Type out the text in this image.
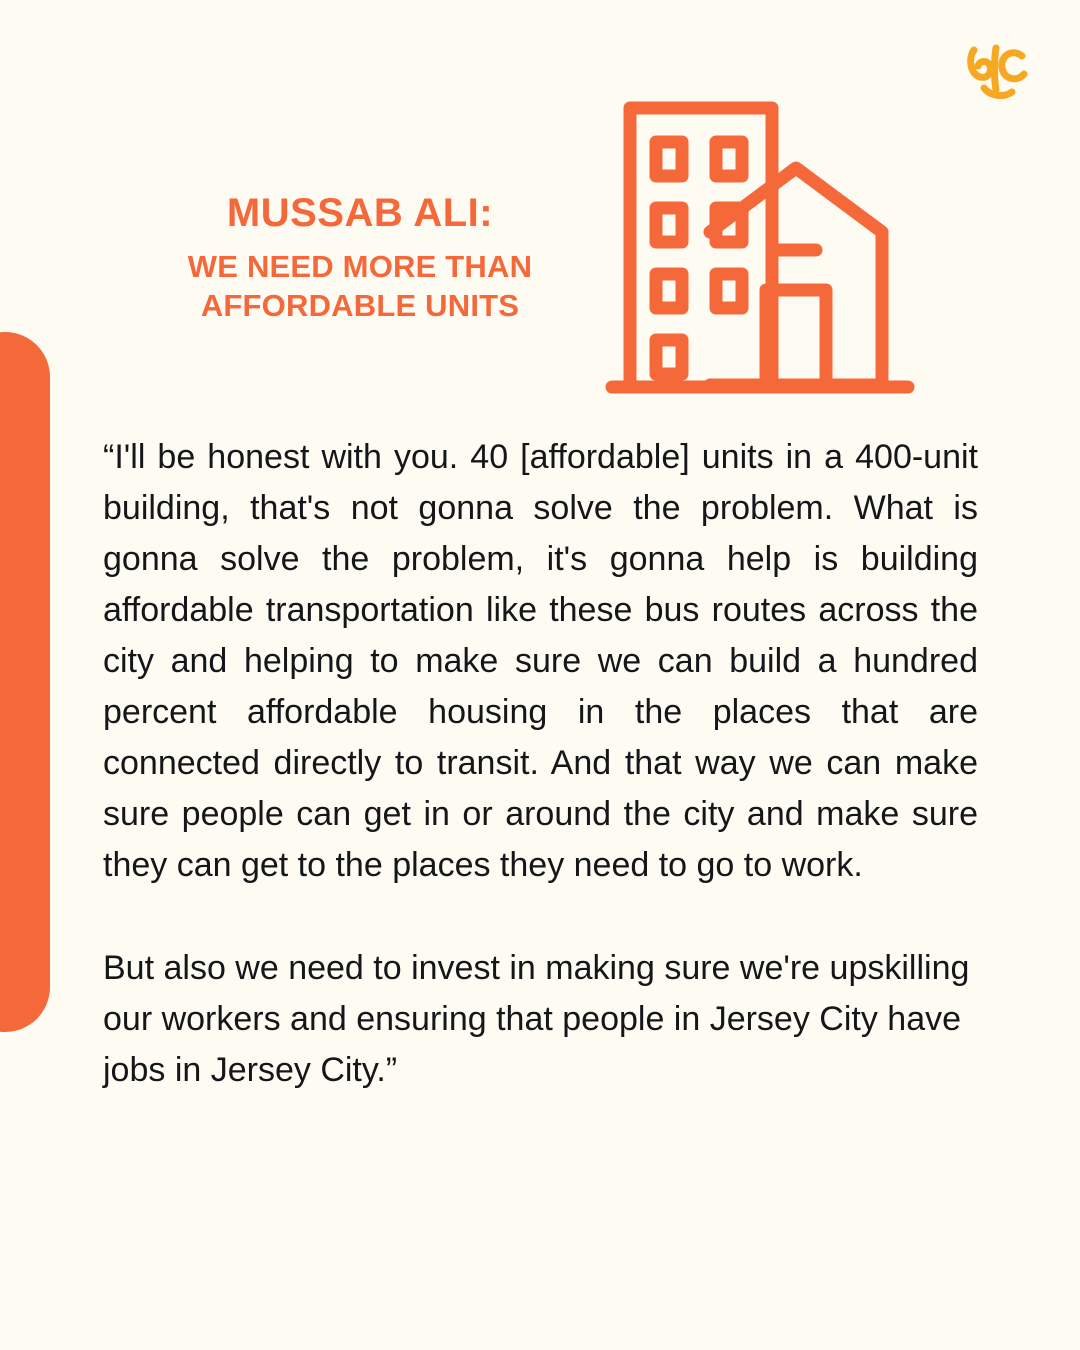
MUSSAB ALI:
WE NEED MORE THAN AFFORDABLE UNITS

“I'll be honest with you. 40 [affordable] units in a 400-unit building, that's not gonna solve the problem. What is gonna solve the problem, it's gonna help is building affordable transportation like these bus routes across the city and helping to make sure we can build a hundred percent affordable housing in the places that are connected directly to transit. And that way we can make sure people can get in or around the city and make sure they can get to the places they need to go to work.

But also we need to invest in making sure we're upskilling our workers and ensuring that people in Jersey City have jobs in Jersey City.”
